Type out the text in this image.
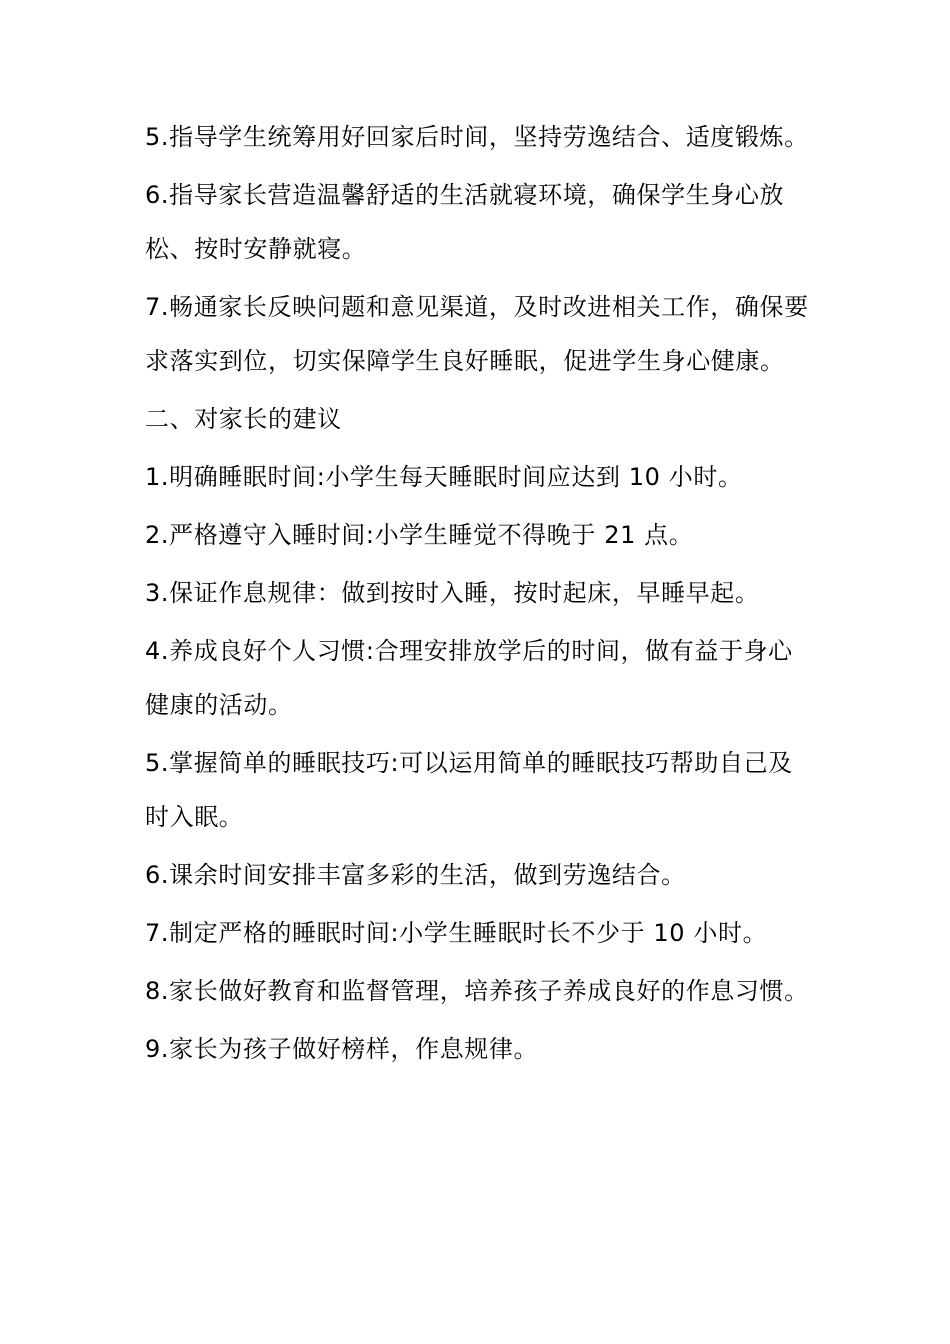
5.指导学生统筹用好回家后时间，坚持劳逸结合、适度锻炼。

6.指导家长营造温馨舒适的生活就寝环境，确保学生身心放松、按时安静就寝。

7.畅通家长反映问题和意见渠道，及时改进相关工作，确保要求落实到位，切实保障学生良好睡眠，促进学生身心健康。

二、对家长的建议

1.明确睡眠时间:小学生每天睡眠时间应达到 10 小时。

2.严格遵守入睡时间:小学生睡觉不得晚于 21 点。

3.保证作息规律：做到按时入睡，按时起床，早睡早起。

4.养成良好个人习惯:合理安排放学后的时间，做有益于身心健康的活动。

5.掌握简单的睡眠技巧:可以运用简单的睡眠技巧帮助自己及时入眠。

6.课余时间安排丰富多彩的生活，做到劳逸结合。

7.制定严格的睡眠时间:小学生睡眠时长不少于 10 小时。

8.家长做好教育和监督管理，培养孩子养成良好的作息习惯。

9.家长为孩子做好榜样，作息规律。
